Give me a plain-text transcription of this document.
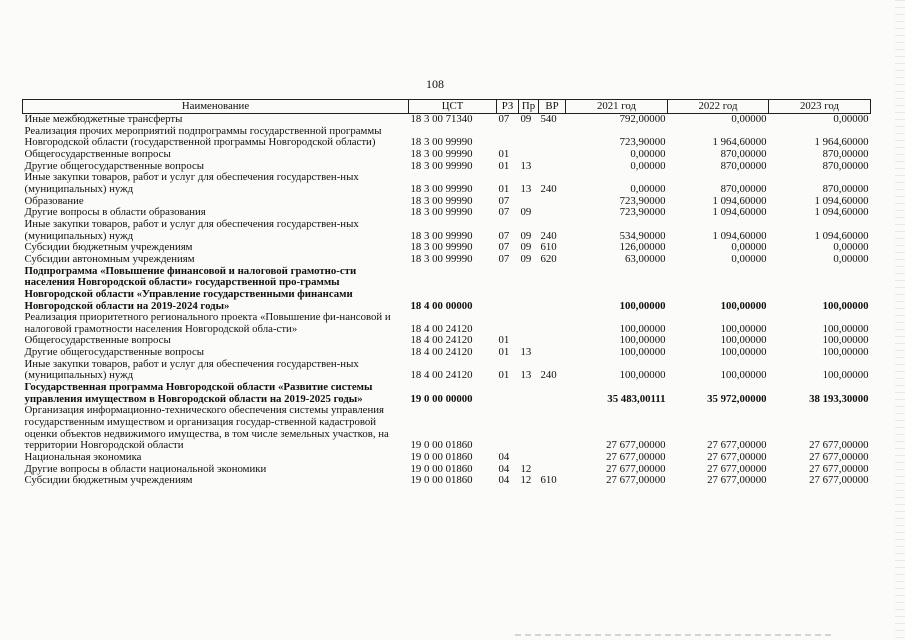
108
Наименование	ЦСТ	РЗ	Пр	ВР	2021 год	2022 год	2023 год
Иные межбюджетные трансферты	18 3 00 71340	07	09	540	792,00000	0,00000	0,00000
Реализация прочих мероприятий подпрограммы государственной программы Новгородской области (государственной программы Новгородской области)	18 3 00 99990				723,90000	1 964,60000	1 964,60000
Общегосударственные вопросы	18 3 00 99990	01			0,00000	870,00000	870,00000
Другие общегосударственные вопросы	18 3 00 99990	01	13		0,00000	870,00000	870,00000
Иные закупки товаров, работ и услуг для обеспечения государствен-ных (муниципальных) нужд	18 3 00 99990	01	13	240	0,00000	870,00000	870,00000
Образование	18 3 00 99990	07			723,90000	1 094,60000	1 094,60000
Другие вопросы в области образования	18 3 00 99990	07	09		723,90000	1 094,60000	1 094,60000
Иные закупки товаров, работ и услуг для обеспечения государствен-ных (муниципальных) нужд	18 3 00 99990	07	09	240	534,90000	1 094,60000	1 094,60000
Субсидии бюджетным учреждениям	18 3 00 99990	07	09	610	126,00000	0,00000	0,00000
Субсидии автономным учреждениям	18 3 00 99990	07	09	620	63,00000	0,00000	0,00000
Подпрограмма «Повышение финансовой и налоговой грамотно-сти населения Новгородской области» государственной про-граммы Новгородской области «Управление государственными финансами Новгородской области на 2019-2024 годы»	18 4 00 00000				100,00000	100,00000	100,00000
Реализация приоритетного регионального проекта «Повышение фи-нансовой и налоговой грамотности населения Новгородской обла-сти»	18 4 00 24120				100,00000	100,00000	100,00000
Общегосударственные вопросы	18 4 00 24120	01			100,00000	100,00000	100,00000
Другие общегосударственные вопросы	18 4 00 24120	01	13		100,00000	100,00000	100,00000
Иные закупки товаров, работ и услуг для обеспечения государствен-ных (муниципальных) нужд	18 4 00 24120	01	13	240	100,00000	100,00000	100,00000
Государственная программа Новгородской области «Развитие системы управления имуществом в Новгородской области на 2019-2025 годы»	19 0 00 00000				35 483,00111	35 972,00000	38 193,30000
Организация информационно-технического обеспечения системы управления государственным имуществом и организация государ-ственной кадастровой оценки объектов недвижимого имущества, в том числе земельных участков, на территории Новгородской области	19 0 00 01860				27 677,00000	27 677,00000	27 677,00000
Национальная экономика	19 0 00 01860	04			27 677,00000	27 677,00000	27 677,00000
Другие вопросы в области национальной экономики	19 0 00 01860	04	12		27 677,00000	27 677,00000	27 677,00000
Субсидии бюджетным учреждениям	19 0 00 01860	04	12	610	27 677,00000	27 677,00000	27 677,00000
